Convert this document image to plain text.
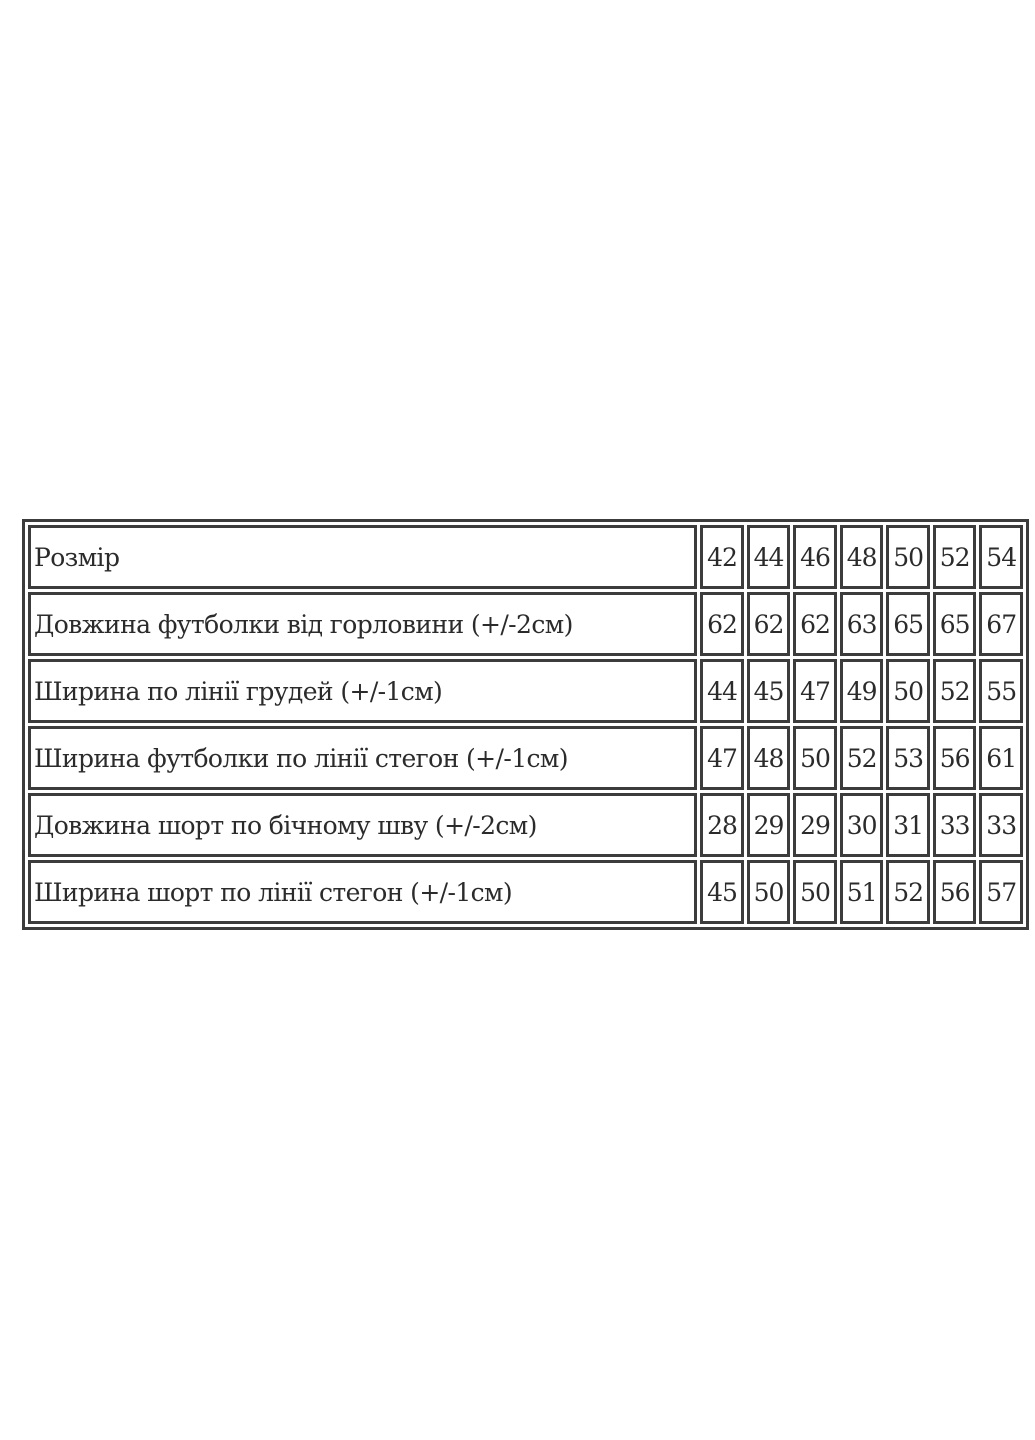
Розмір	42	44	46	48	50	52	54
Довжина футболки від горловини (+/-2см)	62	62	62	63	65	65	67
Ширина по лінії грудей (+/-1см)	44	45	47	49	50	52	55
Ширина футболки по лінії стегон (+/-1см)	47	48	50	52	53	56	61
Довжина шорт по бічному шву (+/-2см)	28	29	29	30	31	33	33
Ширина шорт по лінії стегон (+/-1см)	45	50	50	51	52	56	57
